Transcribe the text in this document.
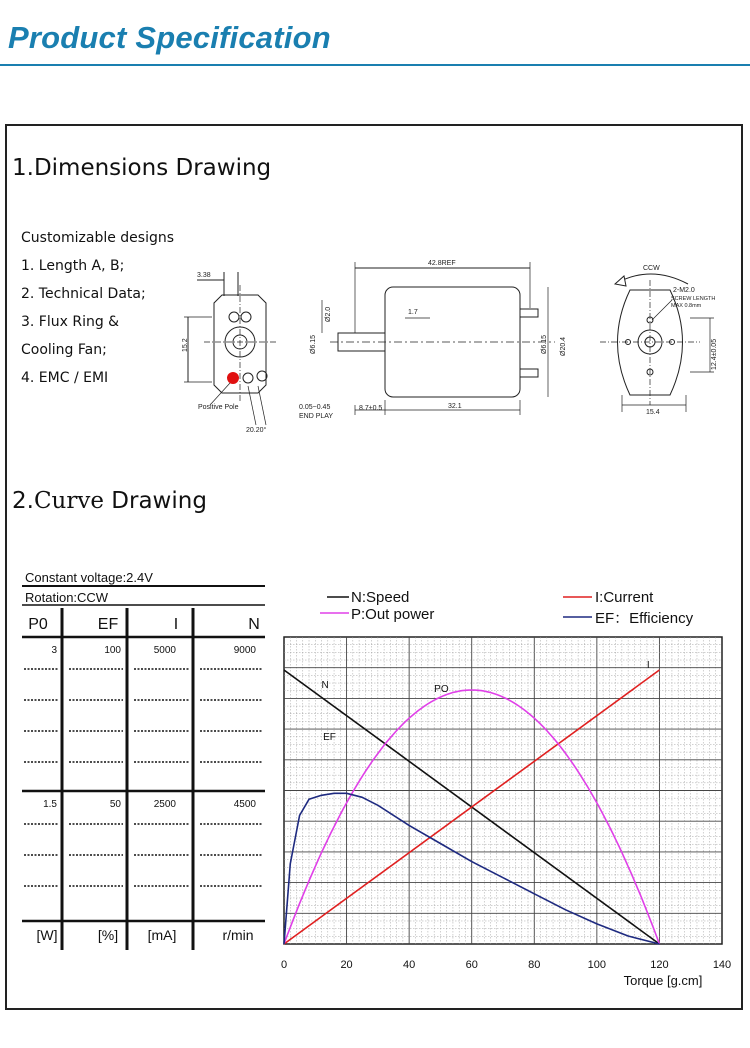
Product Specification
1.Dimensions Drawing
Customizable designs
1. Length A, B;
2. Technical Data;
3. Flux Ring &
Cooling Fan;
4. EMC / EMI
3.38
15.2
Positive Pole
20.20°
42.8REF
1.7
Ø2.0
Ø6.15	Ø6.15 Ø20.4
0.05~0.45
END PLAY
8.7±0.5	32.1
CCW
2-M2.0
SCREW LENGTH
MAX 0.8mm
12.4±0.05
15.4
2.Curve Drawing
Constant voltage:2.4V
Rotation:CCW
P0	EF	I	N
3	100	5000	9000
1.5	50	2500	4500
[W]	[%] [mA]	r/min
N:Speed
P:Out power
I:Current
EF：Efficiency
0	20	40	60	80	100	120	140
N	PO
I
EF
Torque [g.cm]
